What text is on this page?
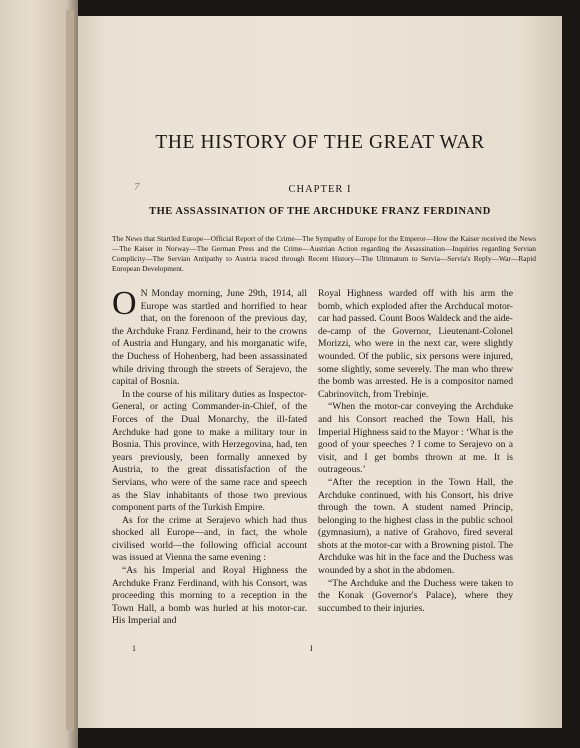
THE HISTORY OF THE GREAT WAR
7	CHAPTER I
THE ASSASSINATION OF THE ARCHDUKE FRANZ FERDINAND
The News that Startled Europe—Official Report of the Crime—The Sympathy of Europe for the Emperor—How the Kaiser received the News—The Kaiser in Norway—The German Press and the Crime—Austrian Action regarding the Assassination—Inquiries regarding Servian Complicity—The Servian Antipathy to Austria traced through Recent History—The Ultimatum to Servia—Servia's Reply—War—Rapid European Development.

O N Monday morning, June 29th, 1914, all Europe was startled and horrified to hear that, on the forenoon of the previous day, the Archduke Franz Ferdinand, heir to the crowns of Austria and Hungary, and his morganatic wife, the Duchess of Hohenberg, had been assassinated while driving through the streets of Serajevo, the capital of Bosnia.

In the course of his military duties as Inspector-General, or acting Commander-in-Chief, of the Forces of the Dual Monarchy, the ill-fated Archduke had gone to make a military tour in Bosnia. This province, with Herzegovina, had, ten years previously, been formally annexed by Austria, to the great dissatisfaction of the Servians, who were of the same race and speech as the Slav inhabitants of those two previous component parts of the Turkish Empire.

As for the crime at Serajevo which had thus shocked all Europe—and, in fact, the whole civilised world—the following official account was issued at Vienna the same evening :

“As his Imperial and Royal Highness the Archduke Franz Ferdinand, with his Consort, was proceeding this morning to a reception in the Town Hall, a bomb was hurled at his motor-car. His Imperial and

Royal Highness warded off with his arm the bomb, which exploded after the Archducal motor-car had passed. Count Boos Waldeck and the aide-de-camp of the Governor, Lieutenant-Colonel Morizzi, who were in the next car, were slightly wounded. Of the public, six persons were injured, some slightly, some severely. The man who threw the bomb was arrested. He is a compositor named Cabrinovitch, from Trebinje.

“When the motor-car conveying the Archduke and his Consort reached the Town Hall, his Imperial Highness said to the Mayor : ‘What is the good of your speeches ? I come to Serajevo on a visit, and I get bombs thrown at me. It is outrageous.’

“After the reception in the Town Hall, the Archduke continued, with his Consort, his drive through the town. A student named Princip, belonging to the highest class in the public school (gymnasium), a native of Grahovo, fired several shots at the motor-car with a Browning pistol. The Archduke was hit in the face and the Duchess was wounded by a shot in the abdomen.

“The Archduke and the Duchess were taken to the Konak (Governor's Palace), where they succumbed to their injuries.

1	I
